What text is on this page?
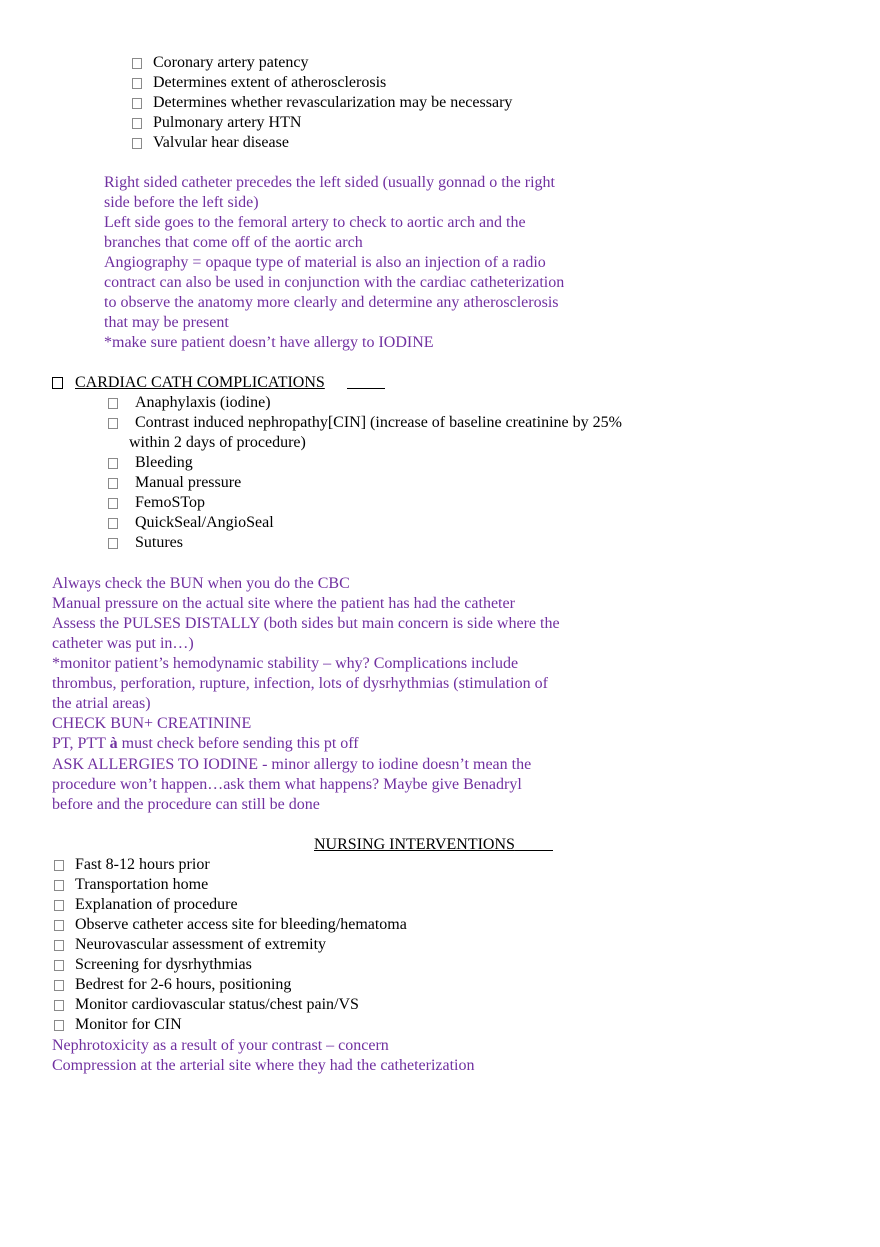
Coronary artery patency
Determines extent of atherosclerosis
Determines whether revascularization may be necessary
Pulmonary artery HTN
Valvular hear disease
Right sided catheter precedes the left sided (usually gonnad o the right
side before the left side)
Left side goes to the femoral artery to check to aortic arch and the
branches that come off of the aortic arch
Angiography = opaque type of material is also an injection of a radio
contract can also be used in conjunction with the cardiac catheterization
to observe the anatomy more clearly and determine any atherosclerosis
that may be present
*make sure patient doesn’t have allergy to IODINE
CARDIAC CATH COMPLICATIONS
Anaphylaxis (iodine)
Contrast induced nephropathy[CIN] (increase of baseline creatinine by 25%
within 2 days of procedure)
Bleeding
Manual pressure
FemoSTop
QuickSeal/AngioSeal
Sutures
Always check the BUN when you do the CBC
Manual pressure on the actual site where the patient has had the catheter
Assess the PULSES DISTALLY (both sides but main concern is side where the
catheter was put in…)
*monitor patient’s hemodynamic stability – why? Complications include
thrombus, perforation, rupture, infection, lots of dysrhythmias (stimulation of
the atrial areas)
CHECK BUN+ CREATININE
PT, PTT à must check before sending this pt off
ASK ALLERGIES TO IODINE - minor allergy to iodine doesn’t mean the
procedure won’t happen…ask them what happens? Maybe give Benadryl
before and the procedure can still be done
NURSING INTERVENTIONS
Fast 8-12 hours prior
Transportation home
Explanation of procedure
Observe catheter access site for bleeding/hematoma
Neurovascular assessment of extremity
Screening for dysrhythmias
Bedrest for 2-6 hours, positioning
Monitor cardiovascular status/chest pain/VS
Monitor for CIN
Nephrotoxicity as a result of your contrast – concern
Compression at the arterial site where they had the catheterization
